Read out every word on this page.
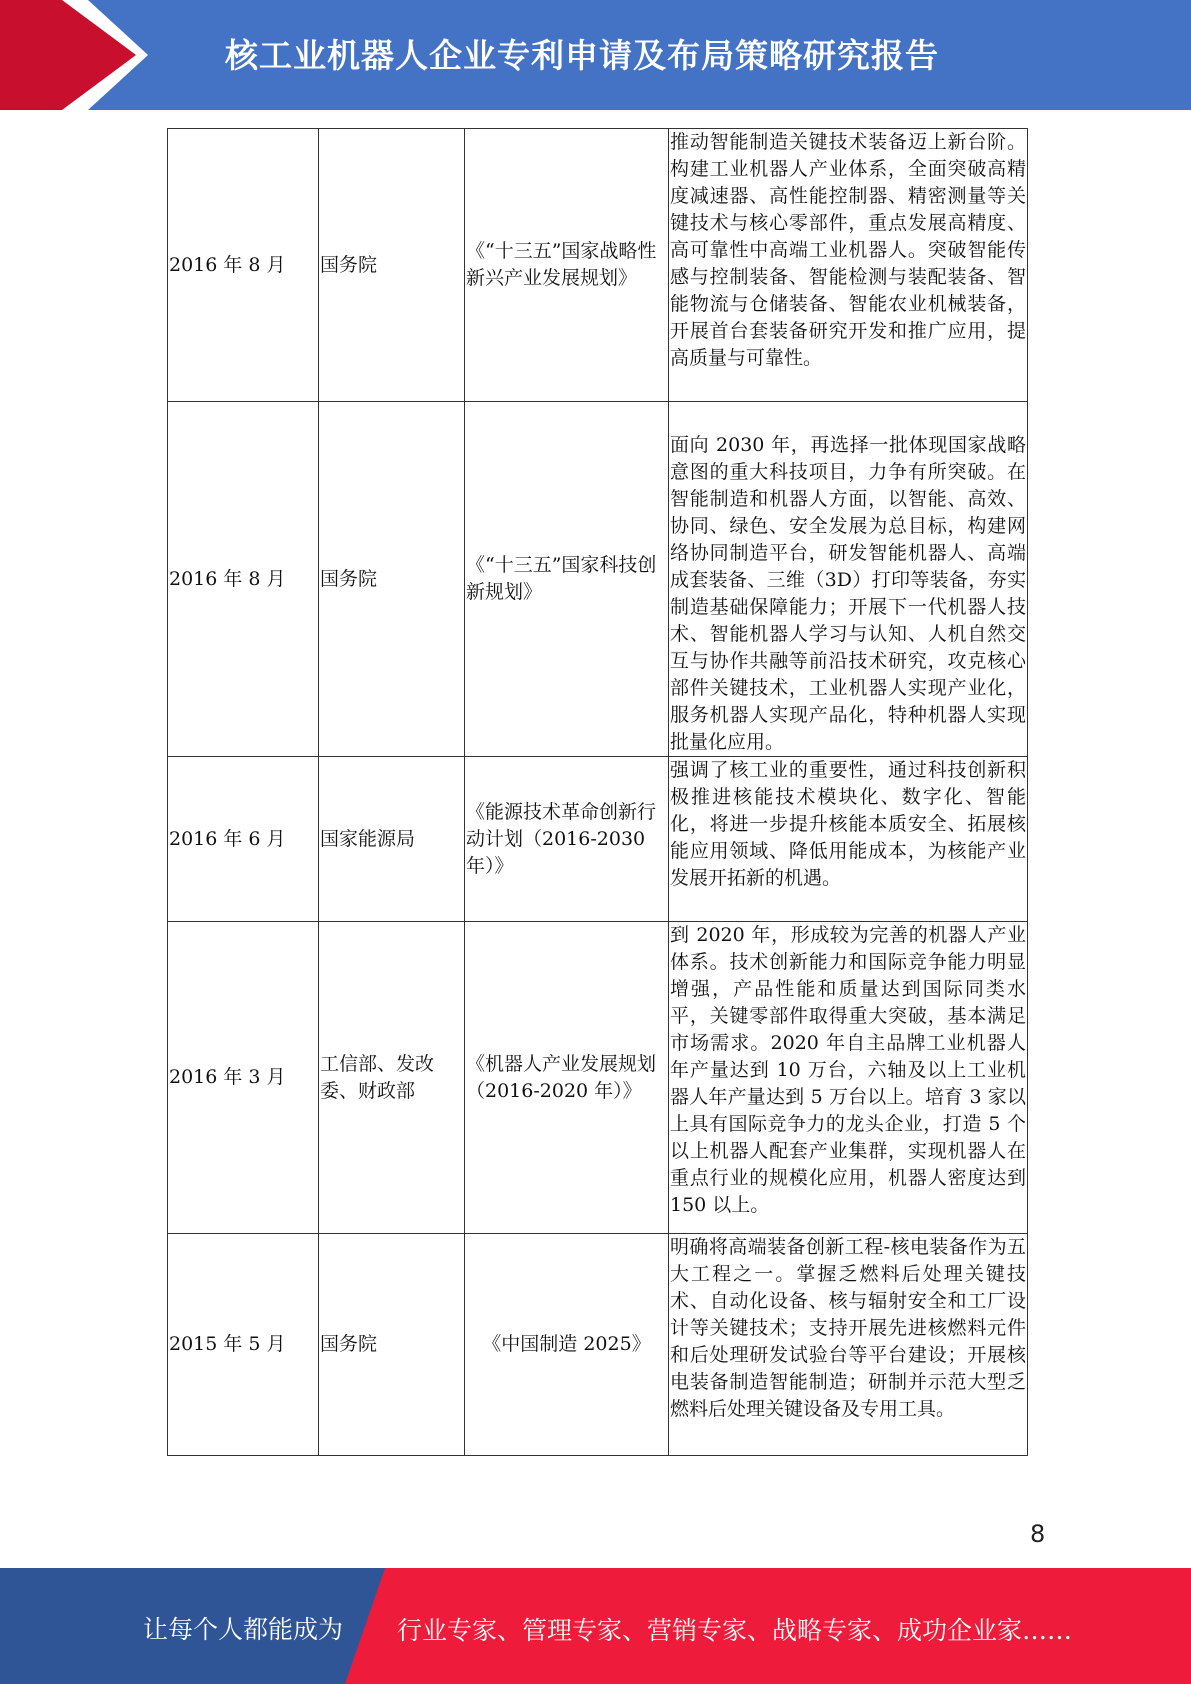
核工业机器人企业专利申请及布局策略研究报告
2016 年 8 月	国务院	《“十三五”国家战略性新兴产业发展规划》	推动智能制造关键技术装备迈上新台阶。构建工业机器人产业体系，全面突破高精度减速器、高性能控制器、精密测量等关键技术与核心零部件，重点发展高精度、高可靠性中高端工业机器人。突破智能传感与控制装备、智能检测与装配装备、智能物流与仓储装备、智能农业机械装备，开展首台套装备研究开发和推广应用，提高质量与可靠性。
2016 年 8 月	国务院	《“十三五”国家科技创新规划》	面向 2030 年，再选择一批体现国家战略意图的重大科技项目，力争有所突破。在智能制造和机器人方面，以智能、高效、协同、绿色、安全发展为总目标，构建网络协同制造平台，研发智能机器人、高端成套装备、三维（3D）打印等装备，夯实制造基础保障能力；开展下一代机器人技术、智能机器人学习与认知、人机自然交互与协作共融等前沿技术研究，攻克核心部件关键技术，工业机器人实现产业化，服务机器人实现产品化，特种机器人实现批量化应用。
2016 年 6 月	国家能源局	《能源技术革命创新行动计划（2016-2030 年）》	强调了核工业的重要性，通过科技创新积极推进核能技术模块化、数字化、智能化，将进一步提升核能本质安全、拓展核能应用领域、降低用能成本，为核能产业发展开拓新的机遇。
2016 年 3 月	工信部、发改委、财政部	《机器人产业发展规划（2016-2020 年）》	到 2020 年，形成较为完善的机器人产业体系。技术创新能力和国际竞争能力明显增强，产品性能和质量达到国际同类水平，关键零部件取得重大突破，基本满足市场需求。2020 年自主品牌工业机器人年产量达到 10 万台，六轴及以上工业机器人年产量达到 5 万台以上。培育 3 家以上具有国际竞争力的龙头企业，打造 5 个以上机器人配套产业集群，实现机器人在重点行业的规模化应用，机器人密度达到 150 以上。
2015 年 5 月	国务院	《中国制造 2025》	明确将高端装备创新工程-核电装备作为五大工程之一。掌握乏燃料后处理关键技术、自动化设备、核与辐射安全和工厂设计等关键技术；支持开展先进核燃料元件和后处理研发试验台等平台建设；开展核电装备制造智能制造；研制并示范大型乏燃料后处理关键设备及专用工具。
8
让每个人都能成为 行业专家、管理专家、营销专家、战略专家、成功企业家……
